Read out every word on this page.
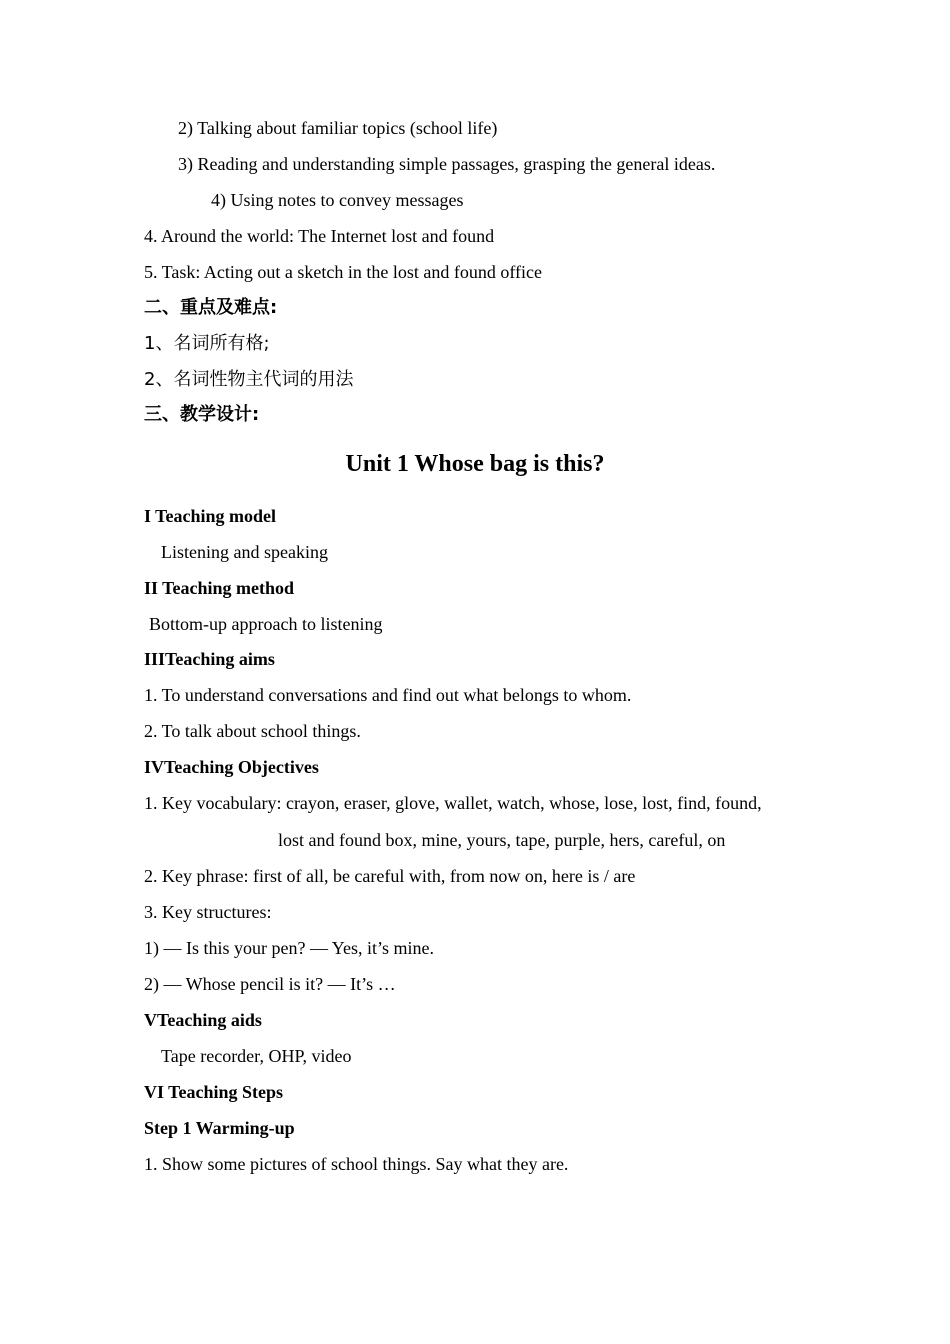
2) Talking about familiar topics (school life)
3) Reading and understanding simple passages, grasping the general ideas.
4) Using notes to convey messages
4. Around the world: The Internet lost and found
5. Task: Acting out a sketch in the lost and found office
二、重点及难点:
1、名词所有格;
2、名词性物主代词的用法
三、教学设计:
Unit 1 Whose bag is this?
I Teaching model
Listening and speaking
II Teaching method
Bottom-up approach to listening
IIITeaching aims
1. To understand conversations and find out what belongs to whom.
2. To talk about school things.
IVTeaching Objectives
1. Key vocabulary: crayon, eraser, glove, wallet, watch, whose, lose, lost, find, found,
lost and found box, mine, yours, tape, purple, hers, careful, on
2. Key phrase: first of all, be careful with, from now on, here is / are
3. Key structures:
1) — Is this your pen? — Yes, it’s mine.
2) — Whose pencil is it? — It’s …
VTeaching aids
Tape recorder, OHP, video
VI Teaching Steps
Step 1 Warming-up
1. Show some pictures of school things. Say what they are.
